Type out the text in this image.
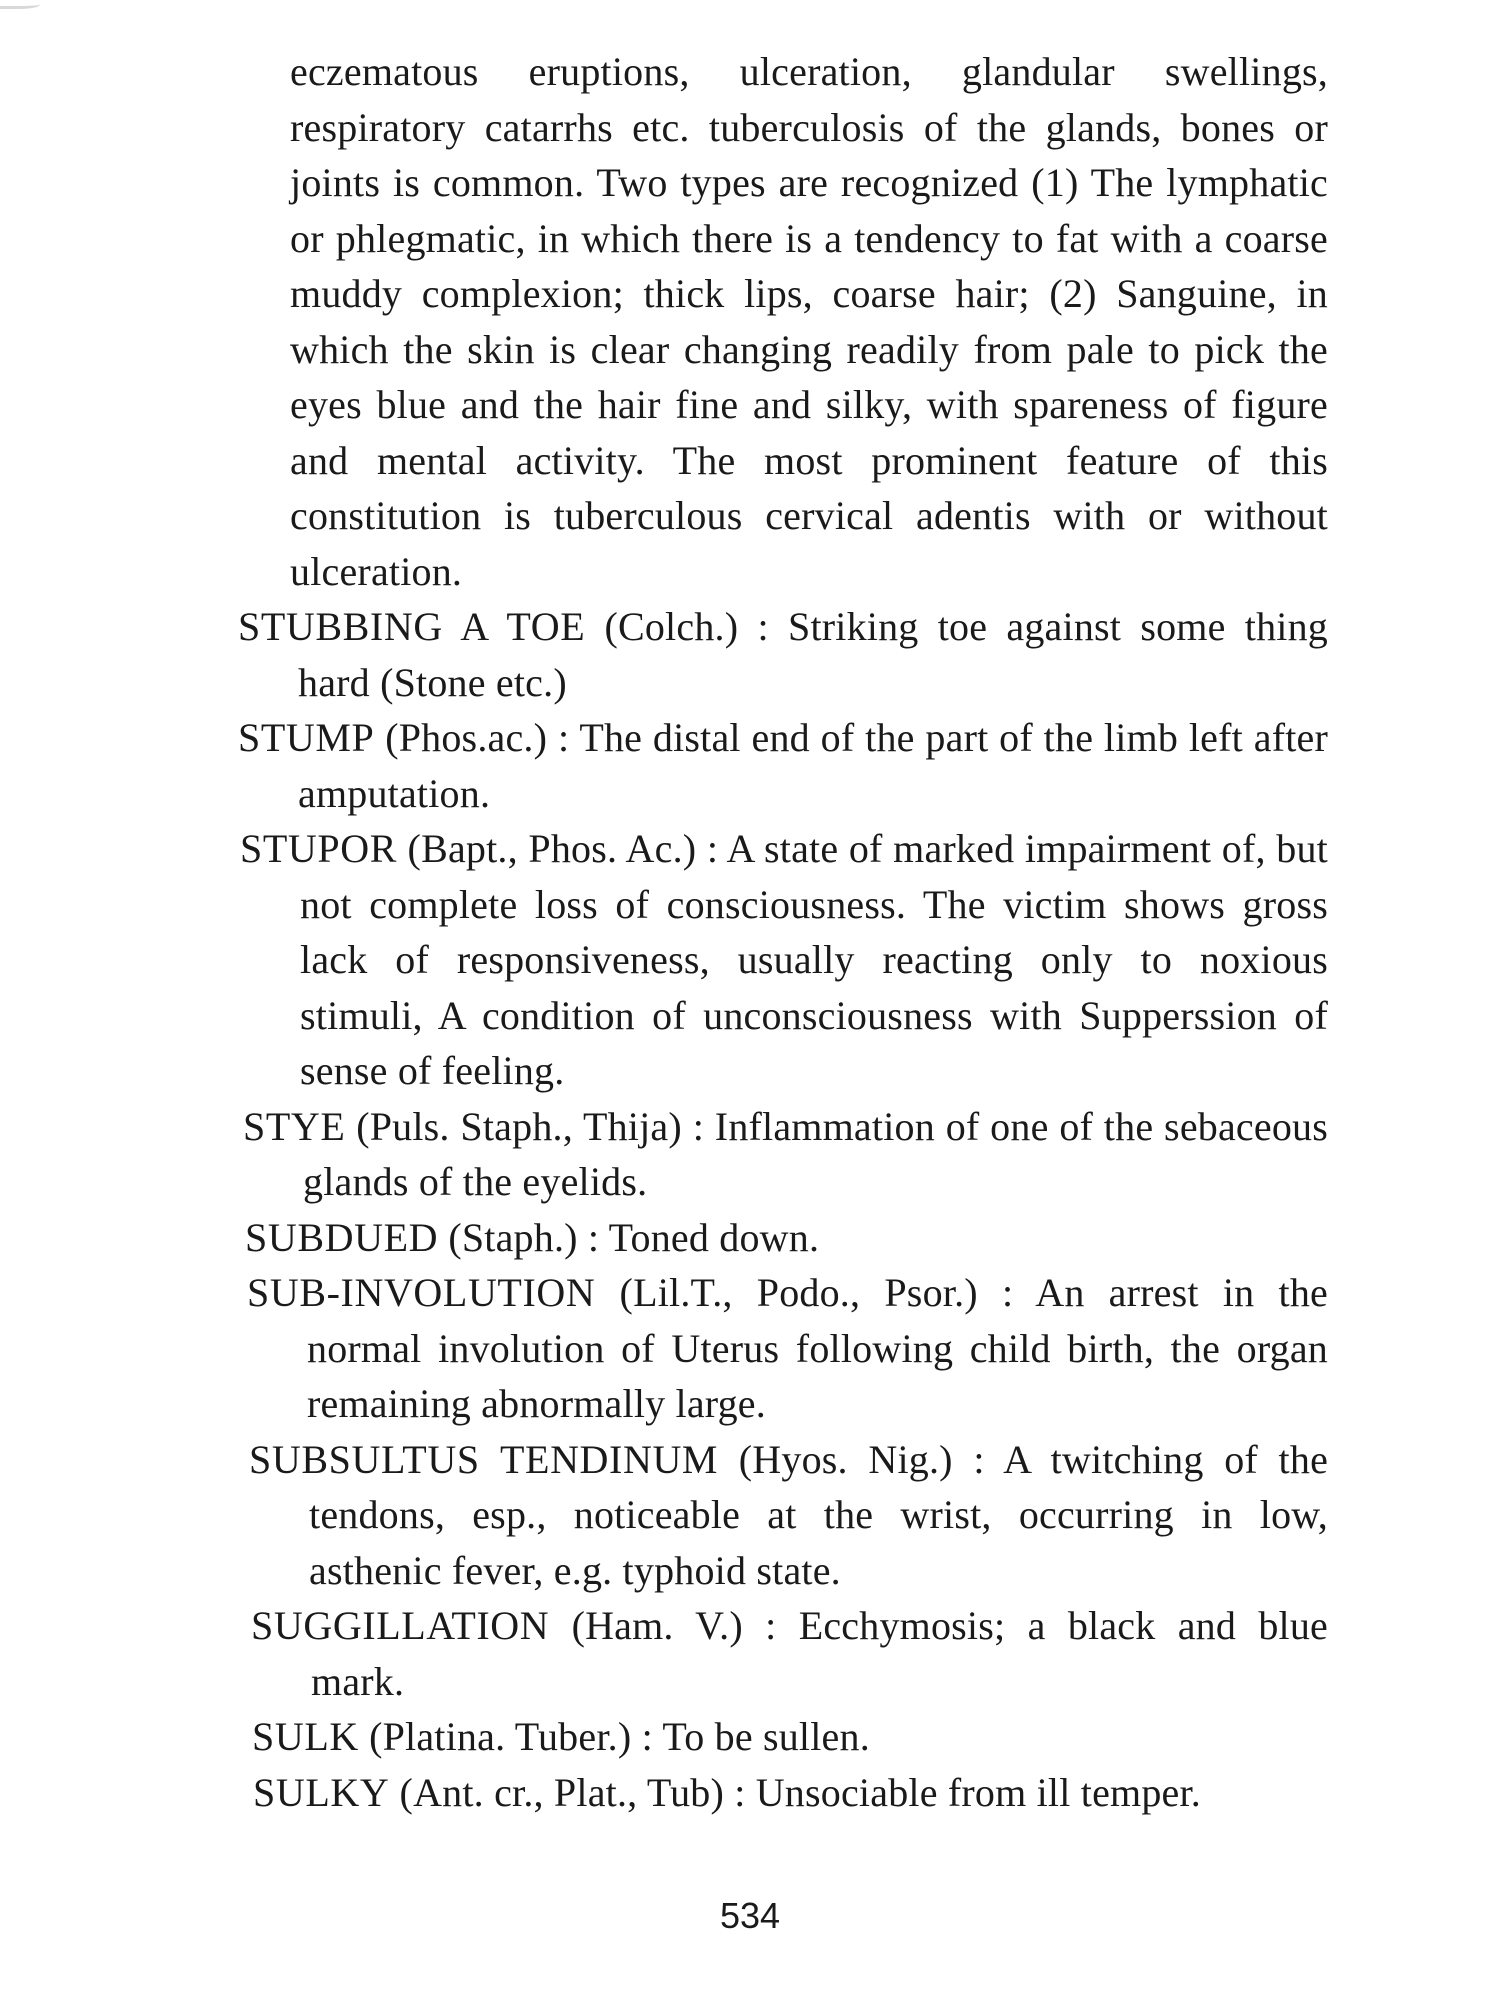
eczematous eruptions, ulceration, glandular swellings, respiratory catarrhs etc. tuberculosis of the glands, bones or joints is common. Two types are recognized (1) The lymphatic or phlegmatic, in which there is a tendency to fat with a coarse muddy complexion; thick lips, coarse hair; (2) Sanguine, in which the skin is clear changing readily from pale to pick the eyes blue and the hair fine and silky, with spareness of figure and mental activity. The most prominent feature of this constitution is tuberculous cervical adentis with or without ulceration.

STUBBING A TOE (Colch.) : Striking toe against some thing hard (Stone etc.)

STUMP (Phos.ac.) : The distal end of the part of the limb left after amputation.

STUPOR (Bapt., Phos. Ac.) : A state of marked impairment of, but not complete loss of consciousness. The victim shows gross lack of responsiveness, usually reacting only to noxious stimuli, A condition of unconsciousness with Supperssion of sense of feeling.

STYE (Puls. Staph., Thija) : Inflammation of one of the sebaceous glands of the eyelids.

SUBDUED (Staph.) : Toned down.

SUB-INVOLUTION (Lil.T., Podo., Psor.) : An arrest in the normal involution of Uterus following child birth, the organ remaining abnormally large.

SUBSULTUS TENDINUM (Hyos. Nig.) : A twitching of the tendons, esp., noticeable at the wrist, occurring in low, asthenic fever, e.g. typhoid state.

SUGGILLATION (Ham. V.) : Ecchymosis; a black and blue mark.

SULK (Platina. Tuber.) : To be sullen.

SULKY (Ant. cr., Plat., Tub) : Unsociable from ill temper.

534
